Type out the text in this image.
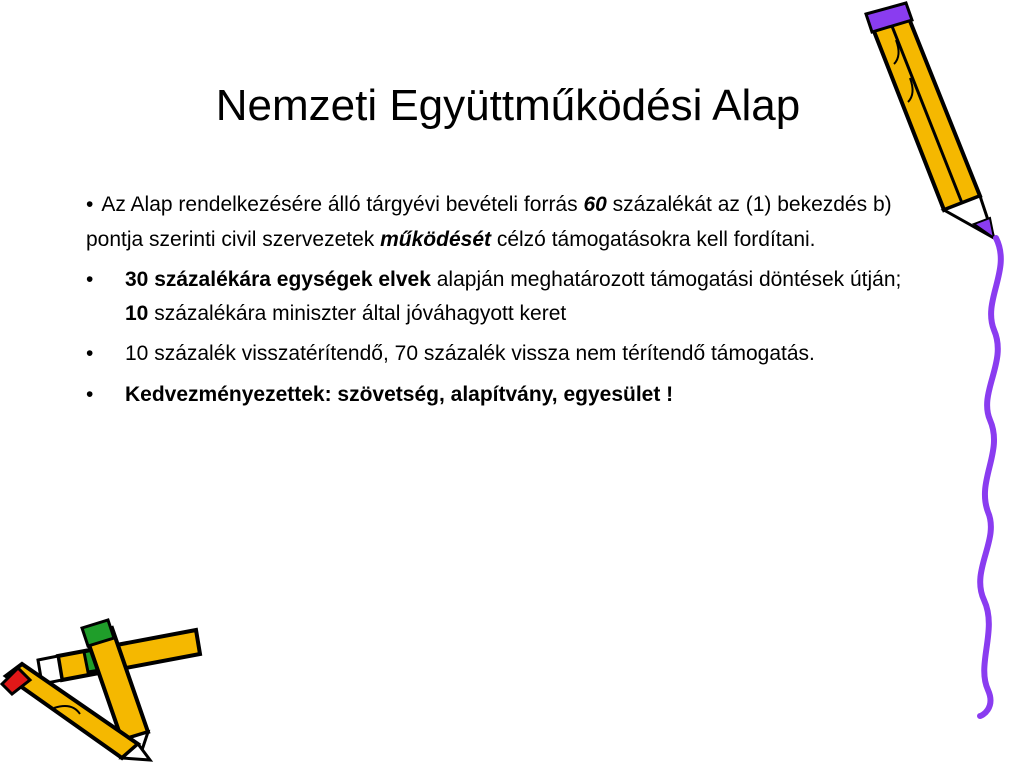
Nemzeti Együttműködési Alap
• Az Alap rendelkezésére álló tárgyévi bevételi forrás 60 százalékát az (1) bekezdés b) pontja szerinti civil szervezetek működését célzó támogatásokra kell fordítani.
• 30 százalékára egységek elvek alapján meghatározott támogatási döntések útján; 10 százalékára miniszter által jóváhagyott keret
• 10 százalék visszatérítendő, 70 százalék vissza nem térítendő támogatás.
• Kedvezményezettek: szövetség, alapítvány, egyesület !
